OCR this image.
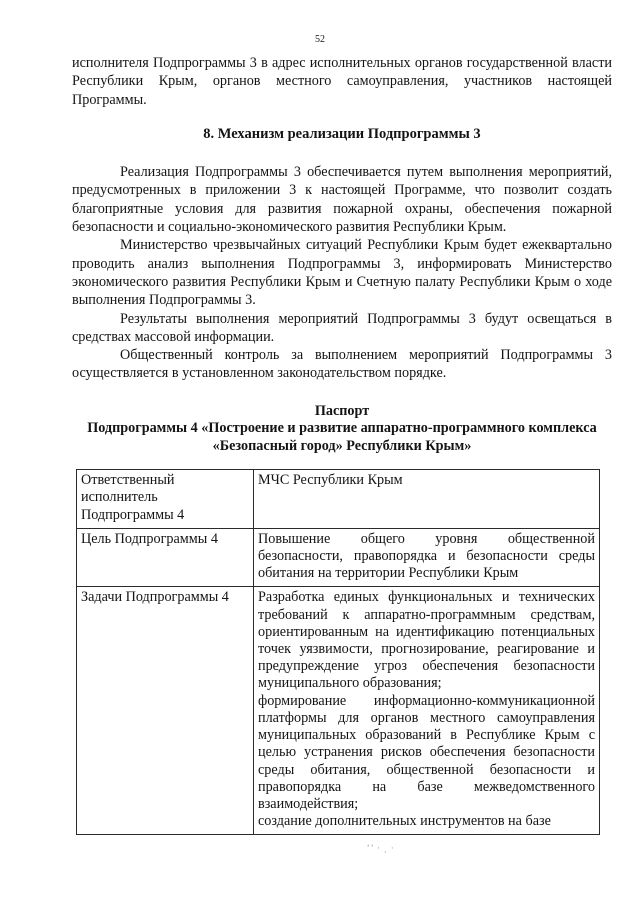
52

исполнителя Подпрограммы 3 в адрес исполнительных органов государственной власти Республики Крым, органов местного самоуправления, участников настоящей Программы.

8. Механизм реализации Подпрограммы 3

Реализация Подпрограммы 3 обеспечивается путем выполнения мероприятий, предусмотренных в приложении 3 к настоящей Программе, что позволит создать благоприятные условия для развития пожарной охраны, обеспечения пожарной безопасности и социально-экономического развития Республики Крым.

Министерство чрезвычайных ситуаций Республики Крым будет ежеквартально проводить анализ выполнения Подпрограммы 3, информировать Министерство экономического развития Республики Крым и Счетную палату Республики Крым о ходе выполнения Подпрограммы 3.

Результаты выполнения мероприятий Подпрограммы 3 будут освещаться в средствах массовой информации.

Общественный контроль за выполнением мероприятий Подпрограммы 3 осуществляется в установленном законодательством порядке.

Паспорт
Подпрограммы 4 «Построение и развитие аппаратно-программного комплекса «Безопасный город» Республики Крым»
Ответственный исполнитель Подпрограммы 4	МЧС Республики Крым
Цель Подпрограммы 4	Повышение общего уровня общественной безопасности, правопорядка и безопасности среды обитания на территории Республики Крым
Задачи Подпрограммы 4	Разработка единых функциональных и технических требований к аппаратно-программным средствам, ориентированным на идентификацию потенциальных точек уязвимости, прогнозирование, реагирование и предупреждение угроз обеспечения безопасности муниципального образования;
формирование информационно-коммуникационной платформы для органов местного самоуправления муниципальных образований в Республике Крым с целью устранения рисков обеспечения безопасности среды обитания, общественной безопасности и правопорядка на базе межведомственного взаимодействия;
создание дополнительных инструментов на базе
ʼʼ · ˎ ·
